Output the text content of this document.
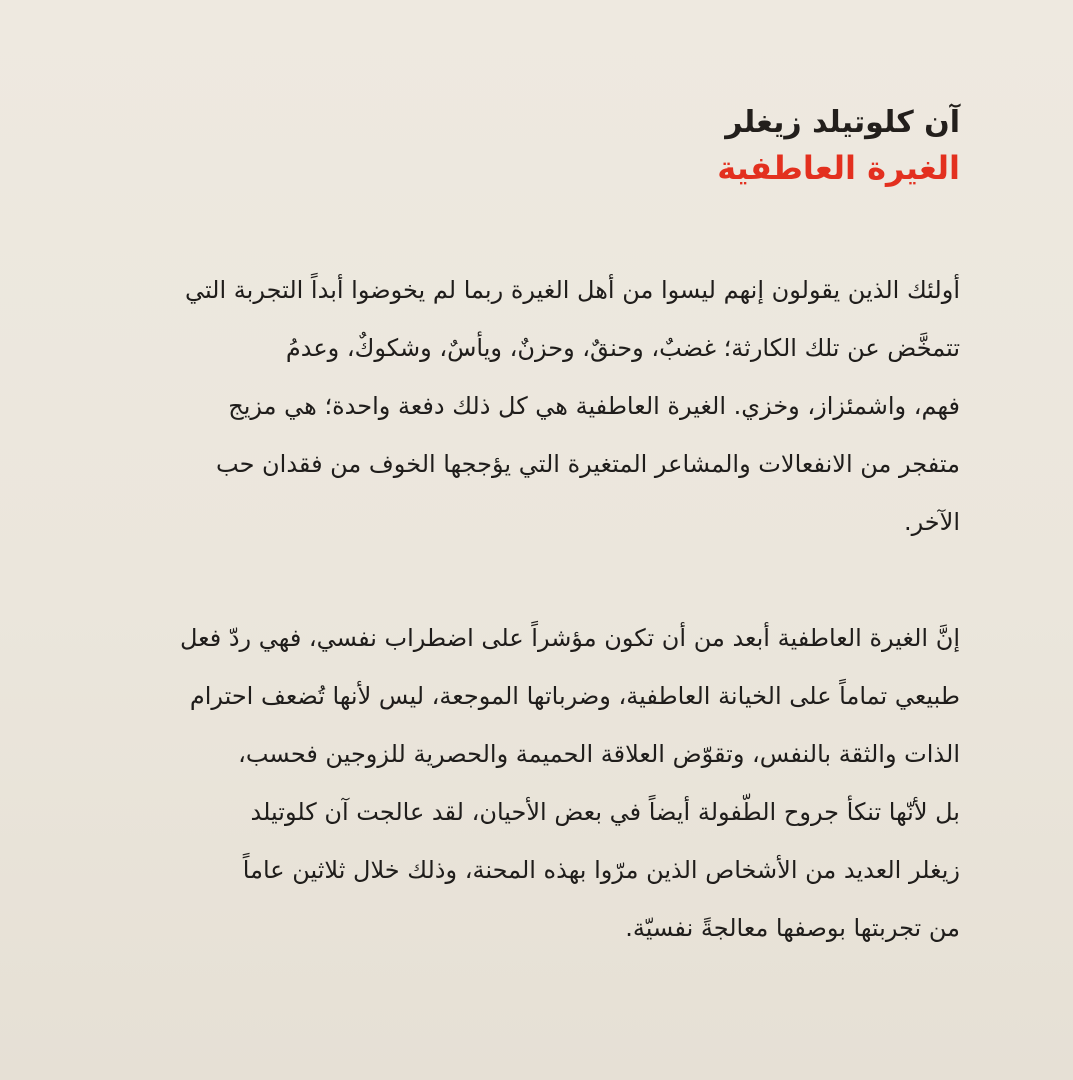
آن كلوتيلد زيغلر
الغيرة العاطفية

أولئك الذين يقولون إنهم ليسوا من أهل الغيرة ربما لم يخوضوا أبداً التجربة التي
تتمخَّض عن تلك الكارثة؛ غضبٌ، وحنقٌ، وحزنٌ، ويأسٌ، وشكوكٌ، وعدمُ
فهم، واشمئزاز، وخزي. الغيرة العاطفية هي كل ذلك دفعة واحدة؛ هي مزيج
متفجر من الانفعالات والمشاعر المتغيرة التي يؤججها الخوف من فقدان حب
الآخر.

إنَّ الغيرة العاطفية أبعد من أن تكون مؤشراً على اضطراب نفسي، فهي ردّ فعل
طبيعي تماماً على الخيانة العاطفية، وضرباتها الموجعة، ليس لأنها تُضعف احترام
الذات والثقة بالنفس، وتقوّض العلاقة الحميمة والحصرية للزوجين فحسب،
بل لأنّها تنكأ جروح الطّفولة أيضاً في بعض الأحيان، لقد عالجت آن كلوتيلد
زيغلر العديد من الأشخاص الذين مرّوا بهذه المحنة، وذلك خلال ثلاثين عاماً
من تجربتها بوصفها معالجةً نفسيّة.
